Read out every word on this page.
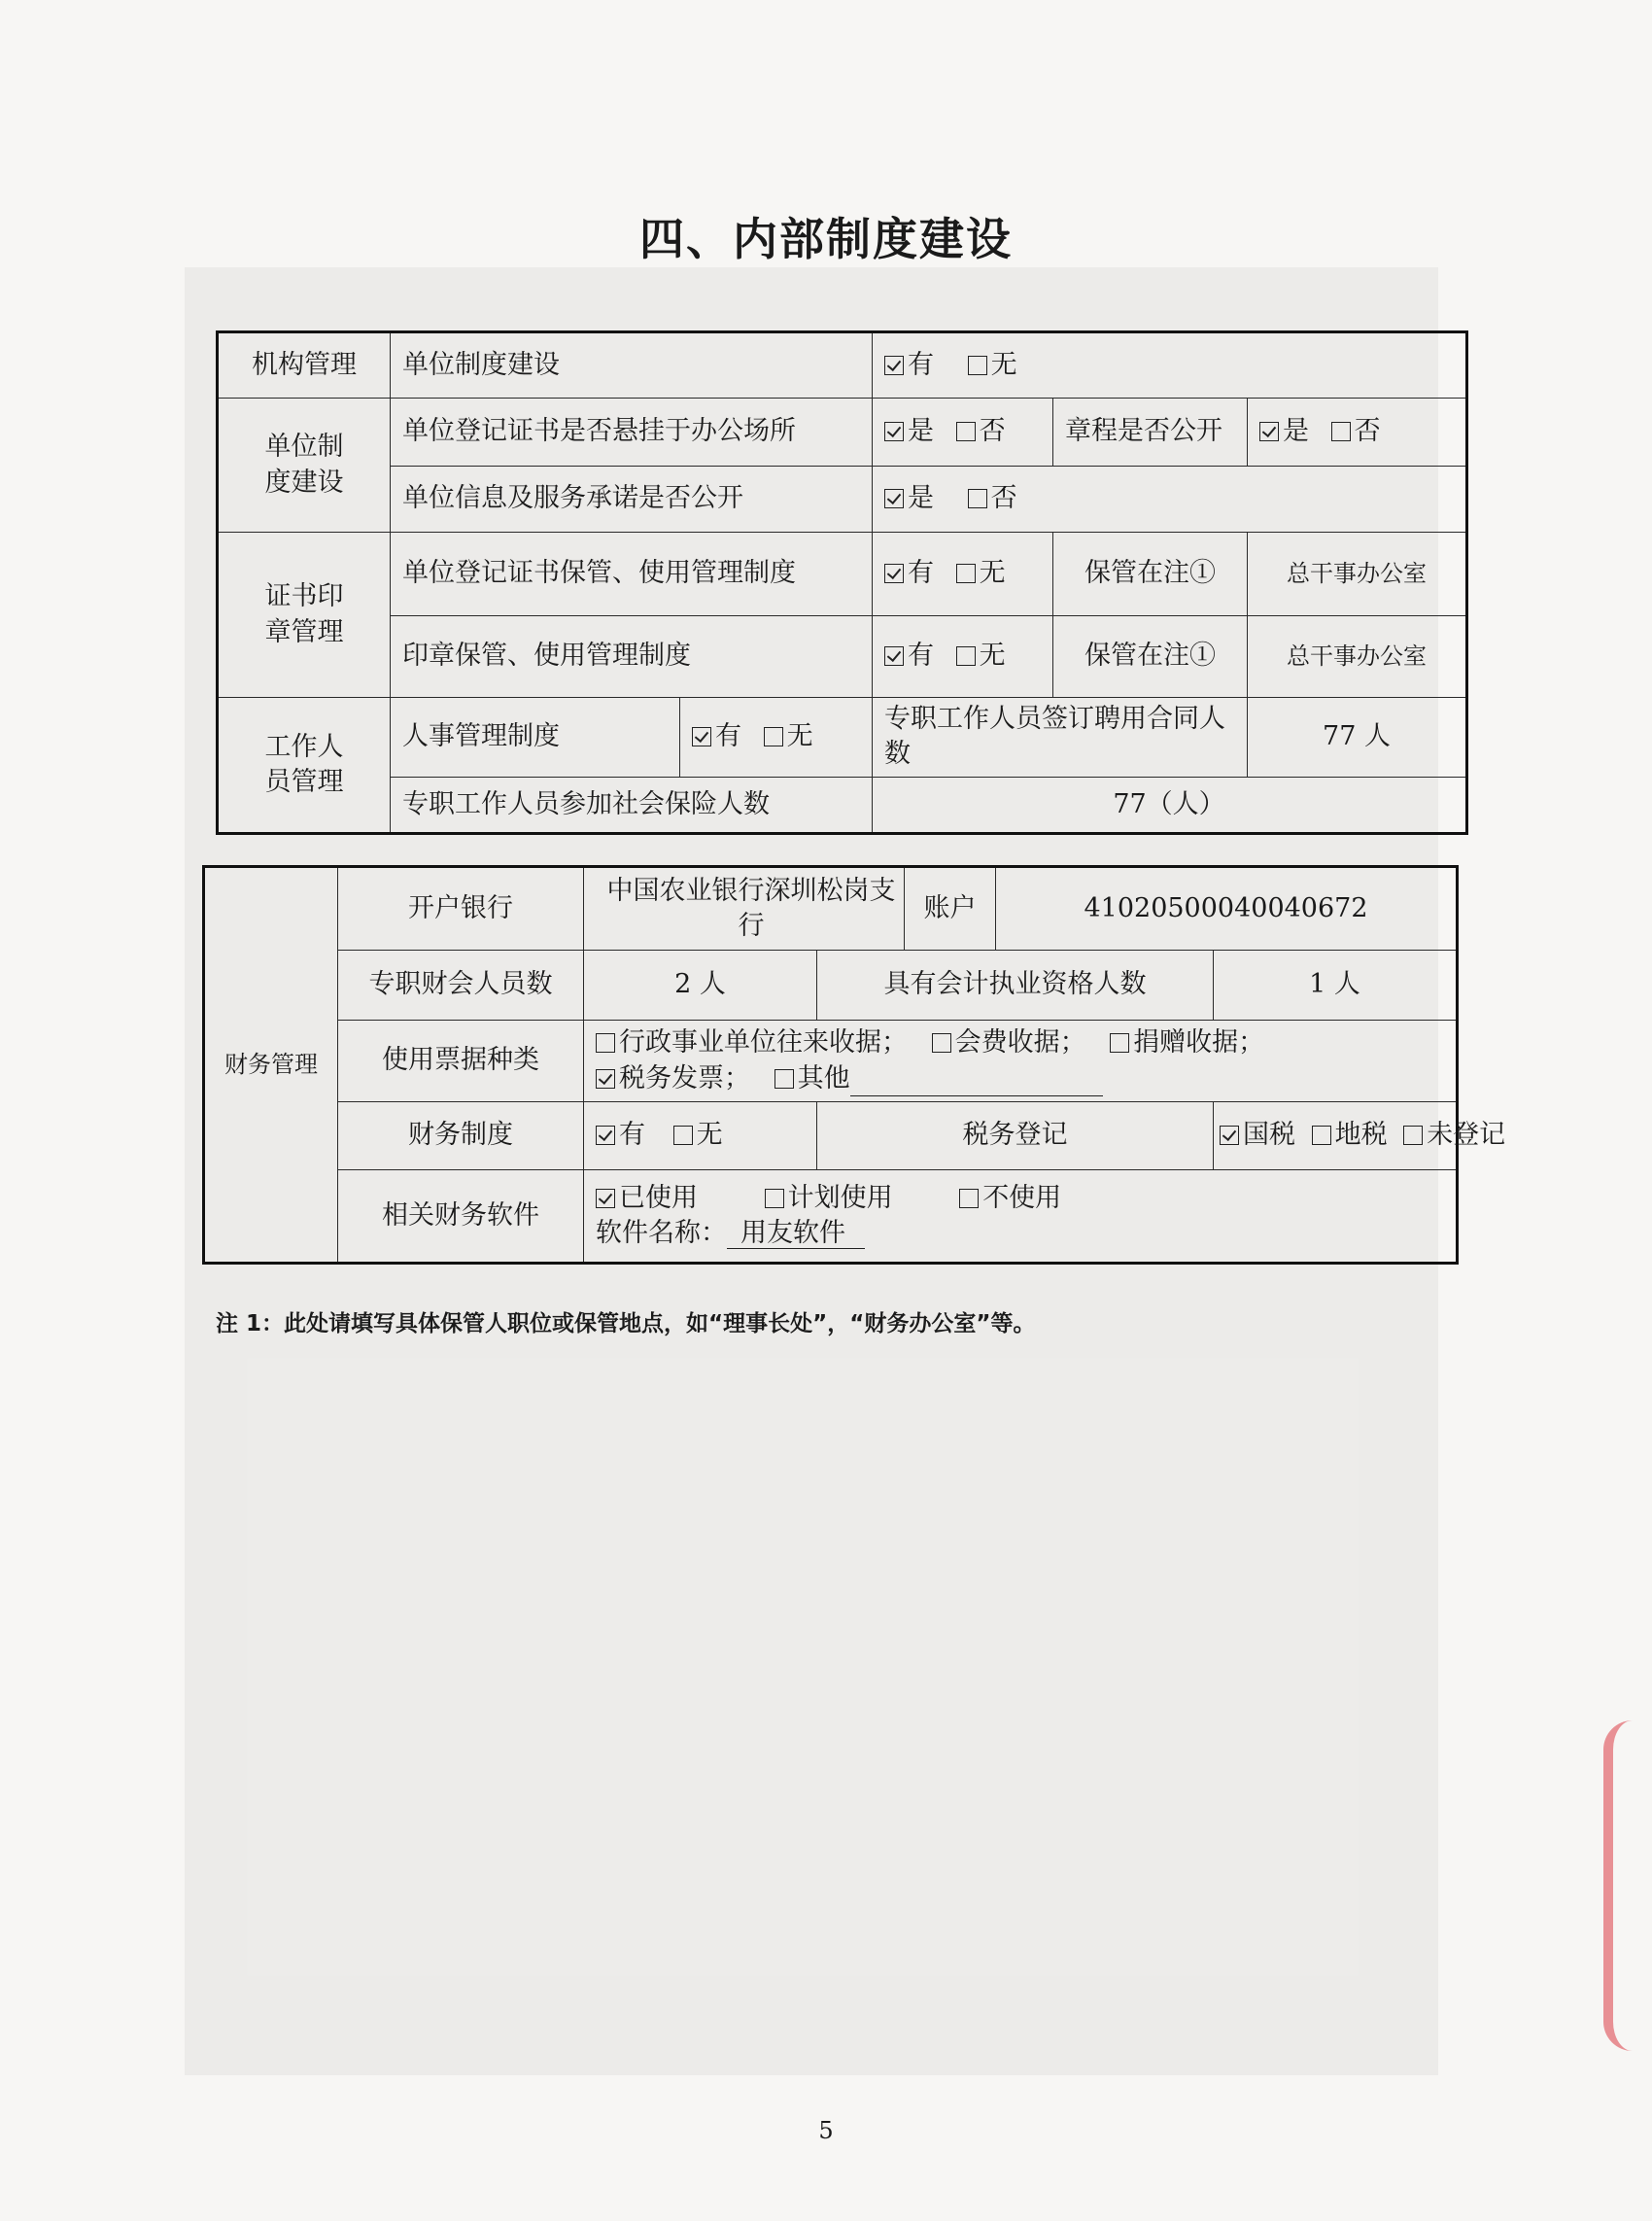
四、内部制度建设
机构管理	单位制度建设		有 无		
单位制度建设	单位登记证书是否悬挂于办公场所		是 否	章程是否公开	是 否
	单位信息及服务承诺是否公开		是 否		
证书印章管理	单位登记证书保管、使用管理制度		有 无	保管在注①	总干事办公室
	印章保管、使用管理制度		有 无	保管在注①	总干事办公室
工作人员管理	人事管理制度	有 无	专职工作人员签订聘用合同人数		77 人
	专职工作人员参加社会保险人数		77（人）		
财务管理	开户银行	中国农业银行深圳松岗支行		账户	41020500040040672	
	专职财会人员数	2 人	具有会计执业资格人数			1 人
	使用票据种类	行政事业单位往来收据； 会费收据； 捐赠收据；
税务发票； 其他				

	财务制度	有 无	税务登记			国税 地税 未登记
	相关财务软件	已使用 计划使用 不使用
软件名称： 用友软件				
注 1：此处请填写具体保管人职位或保管地点，如“理事长处”，“财务办公室”等。
5
